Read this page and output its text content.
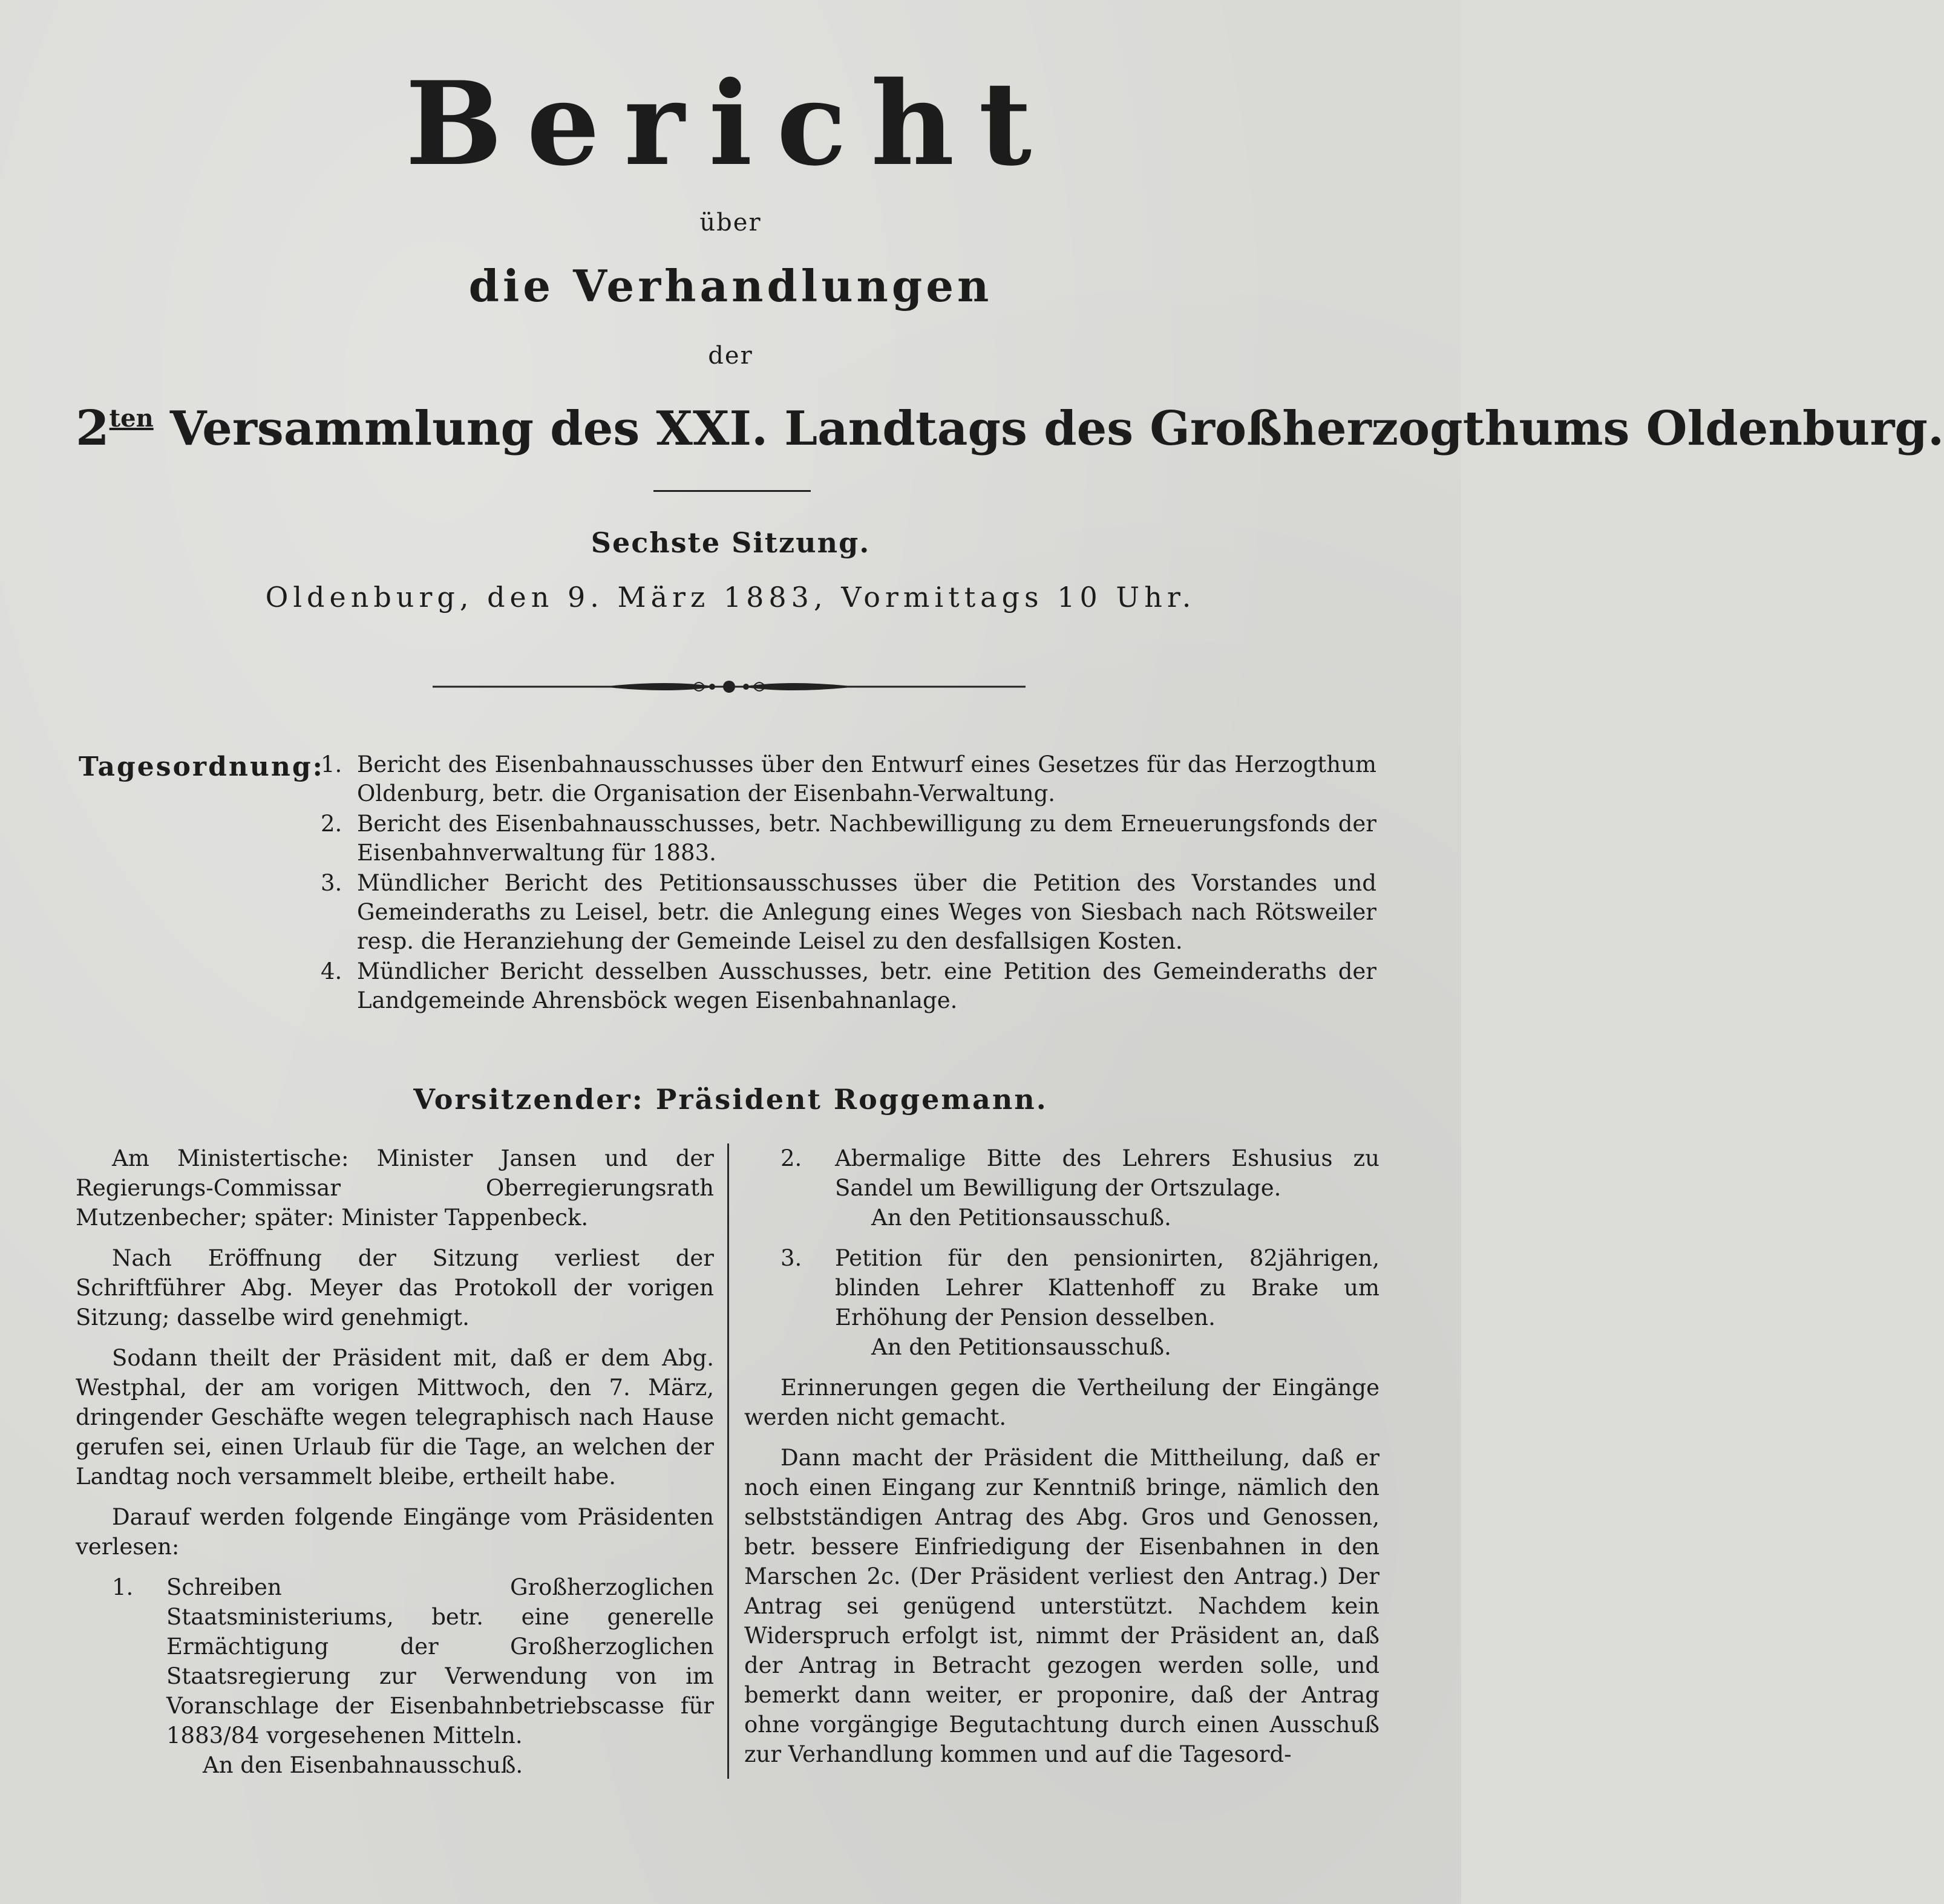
Bericht
über
die Verhandlungen
der
$2^{ten}$ Versammlung des XXI. Landtags des Großherzogthums Oldenburg.
Sechste Sitzung.
Oldenburg, den 9. März 1883, Vormittags 10 Uhr.
Tagesordnung:
1. Bericht des Eisenbahnausschusses über den Entwurf eines Gesetzes für das Herzogthum Oldenburg, betr. die Organisation der Eisenbahn-Verwaltung.
2. Bericht des Eisenbahnausschusses, betr. Nachbewilligung zu dem Erneuerungsfonds der Eisenbahnverwaltung für 1883.
3. Mündlicher Bericht des Petitionsausschusses über die Petition des Vorstandes und Gemeinderaths zu Leisel, betr. die Anlegung eines Weges von Siesbach nach Rötsweiler resp. die Heranziehung der Gemeinde Leisel zu den desfallsigen Kosten.
4. Mündlicher Bericht desselben Ausschusses, betr. eine Petition des Gemeinderaths der Landgemeinde Ahrensböck wegen Eisenbahnanlage.
Vorsitzender: Präsident Roggemann.

Am Ministertische: Minister Jansen und der Regierungs-Commissar Oberregierungsrath Mutzenbecher; später: Minister Tappenbeck.

Nach Eröffnung der Sitzung verliest der Schriftführer Abg. Meyer das Protokoll der vorigen Sitzung; dasselbe wird genehmigt.

Sodann theilt der Präsident mit, daß er dem Abg. Westphal, der am vorigen Mittwoch, den 7. März, dringender Geschäfte wegen telegraphisch nach Hause gerufen sei, einen Urlaub für die Tage, an welchen der Landtag noch versammelt bleibe, ertheilt habe.

Darauf werden folgende Eingänge vom Präsidenten verlesen:

1. Schreiben Großherzoglichen Staatsministeriums, betr. eine generelle Ermächtigung der Großherzoglichen Staatsregierung zur Verwendung von im Voranschlage der Eisenbahnbetriebscasse für 1883/84 vorgesehenen Mitteln.
An den Eisenbahnausschuß.
2. Abermalige Bitte des Lehrers Eshusius zu Sandel um Bewilligung der Ortszulage.
An den Petitionsausschuß.
3. Petition für den pensionirten, 82jährigen, blinden Lehrer Klattenhoff zu Brake um Erhöhung der Pension desselben.
An den Petitionsausschuß.

Erinnerungen gegen die Vertheilung der Eingänge werden nicht gemacht.

Dann macht der Präsident die Mittheilung, daß er noch einen Eingang zur Kenntniß bringe, nämlich den selbstständigen Antrag des Abg. Gros und Genossen, betr. bessere Einfriedigung der Eisenbahnen in den Marschen 2c. (Der Präsident verliest den Antrag.) Der Antrag sei genügend unterstützt. Nachdem kein Widerspruch erfolgt ist, nimmt der Präsident an, daß der Antrag in Betracht gezogen werden solle, und bemerkt dann weiter, er proponire, daß der Antrag ohne vorgängige Begutachtung durch einen Ausschuß zur Verhandlung kommen und auf die Tagesord-
